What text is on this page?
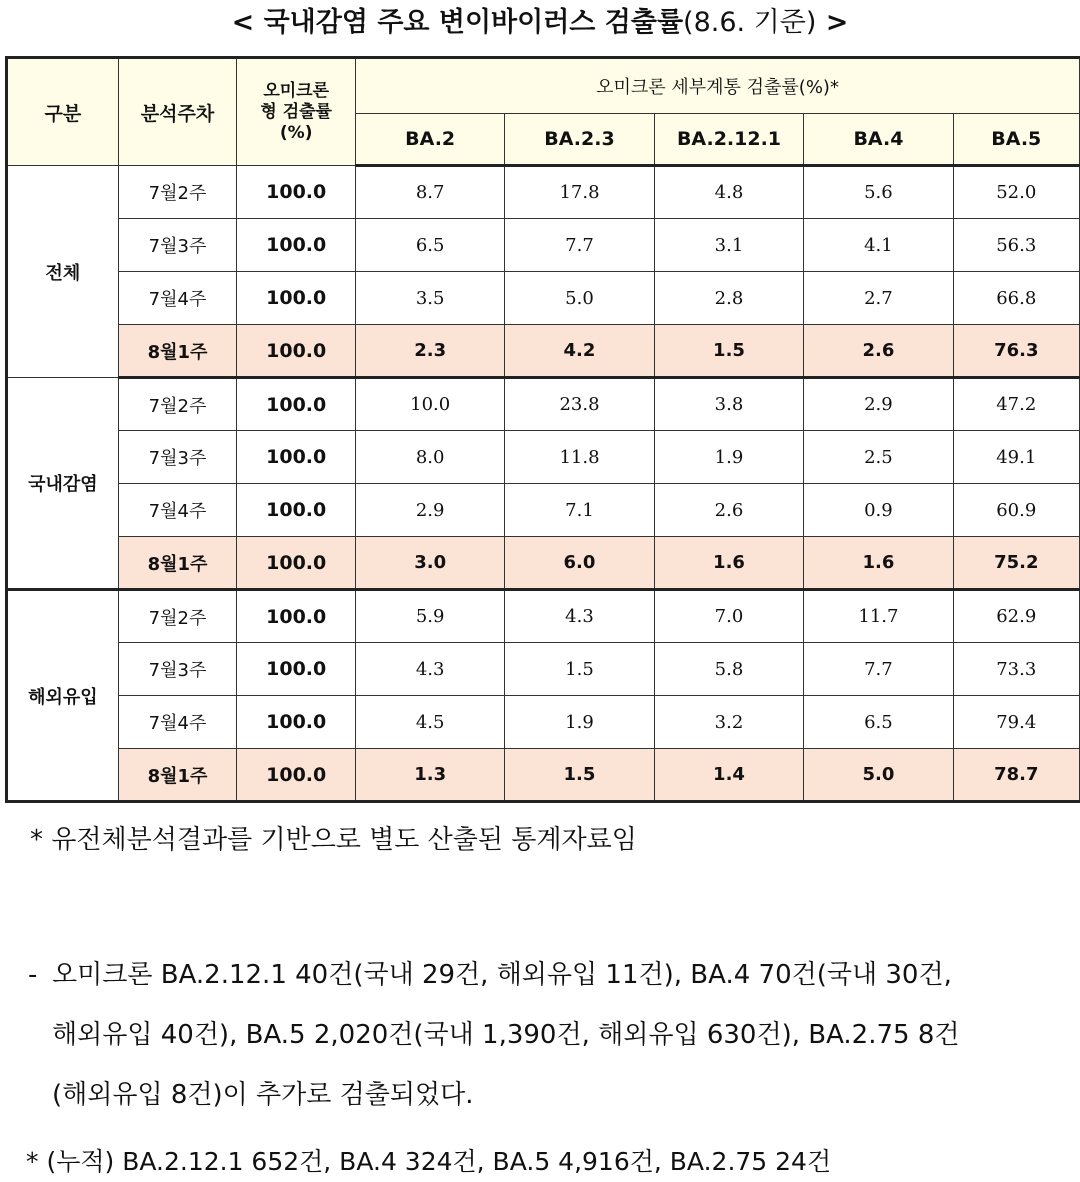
< 국내감염 주요 변이바이러스 검출률(8.6. 기준) >
구분	분석주차	오미크론형 검출률(%)	오미크론 세부계통 검출률(%)*				
			BA.2	BA.2.3	BA.2.12.1	BA.4	BA.5
전체	7월2주	100.0	8.7	17.8	4.8	5.6	52.0
	7월3주	100.0	6.5	7.7	3.1	4.1	56.3
	7월4주	100.0	3.5	5.0	2.8	2.7	66.8
	8월1주	100.0	2.3	4.2	1.5	2.6	76.3
국내감염	7월2주	100.0	10.0	23.8	3.8	2.9	47.2
	7월3주	100.0	8.0	11.8	1.9	2.5	49.1
	7월4주	100.0	2.9	7.1	2.6	0.9	60.9
	8월1주	100.0	3.0	6.0	1.6	1.6	75.2
해외유입	7월2주	100.0	5.9	4.3	7.0	11.7	62.9
	7월3주	100.0	4.3	1.5	5.8	7.7	73.3
	7월4주	100.0	4.5	1.9	3.2	6.5	79.4
	8월1주	100.0	1.3	1.5	1.4	5.0	78.7
* 유전체분석결과를 기반으로 별도 산출된 통계자료임
- 오미크론 BA.2.12.1 40건(국내 29건, 해외유입 11건), BA.4 70건(국내 30건,
해외유입 40건), BA.5 2,020건(국내 1,390건, 해외유입 630건), BA.2.75 8건
(해외유입 8건)이 추가로 검출되었다.
* (누적) BA.2.12.1 652건, BA.4 324건, BA.5 4,916건, BA.2.75 24건
